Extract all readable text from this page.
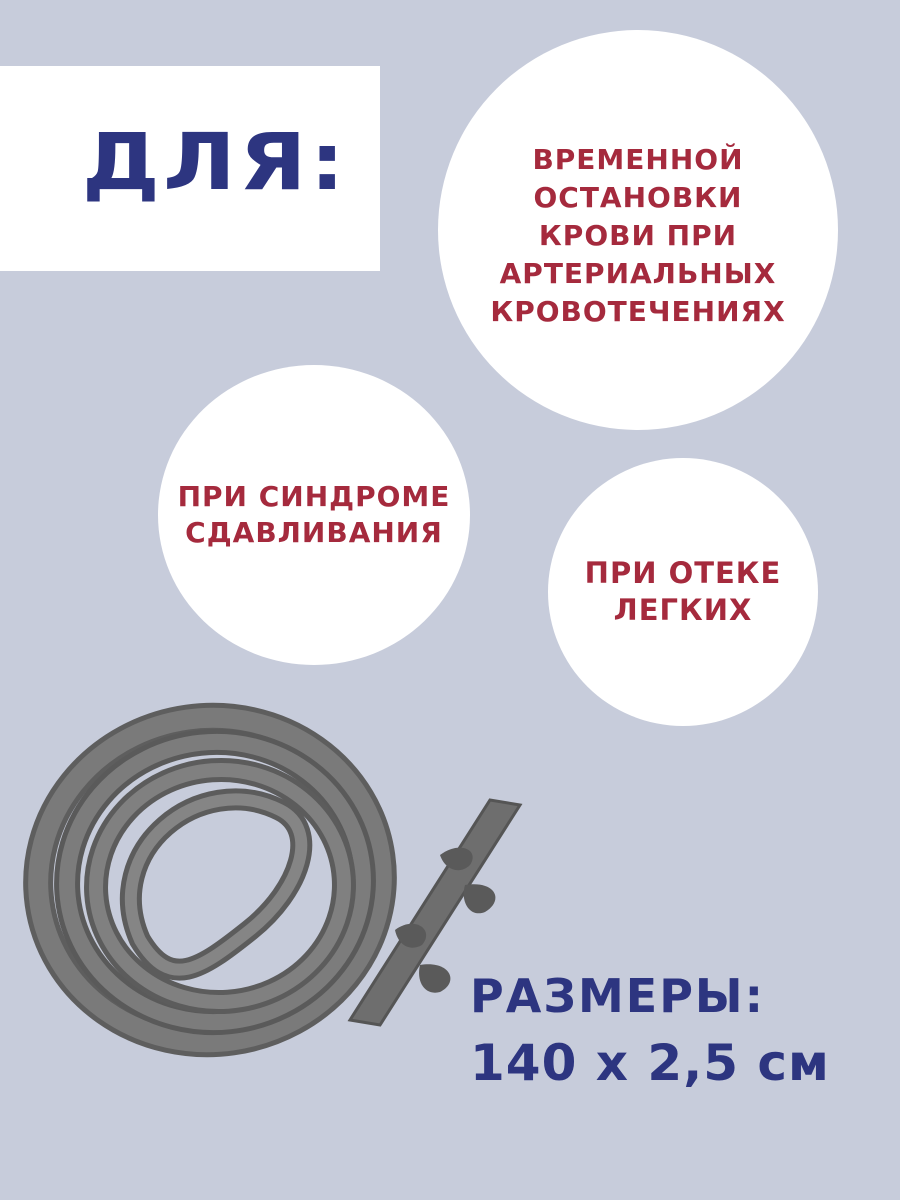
ДЛЯ:	ВРЕМЕННОЙ
ОСТАНОВКИ
КРОВИ ПРИ
АРТЕРИАЛЬНЫХ
КРОВОТЕЧЕНИЯХ
ПРИ СИНДРОМЕ
СДАВЛИВАНИЯ
ПРИ ОТЕКЕ
ЛЕГКИХ
РАЗМЕРЫ:
140 x 2,5 см
